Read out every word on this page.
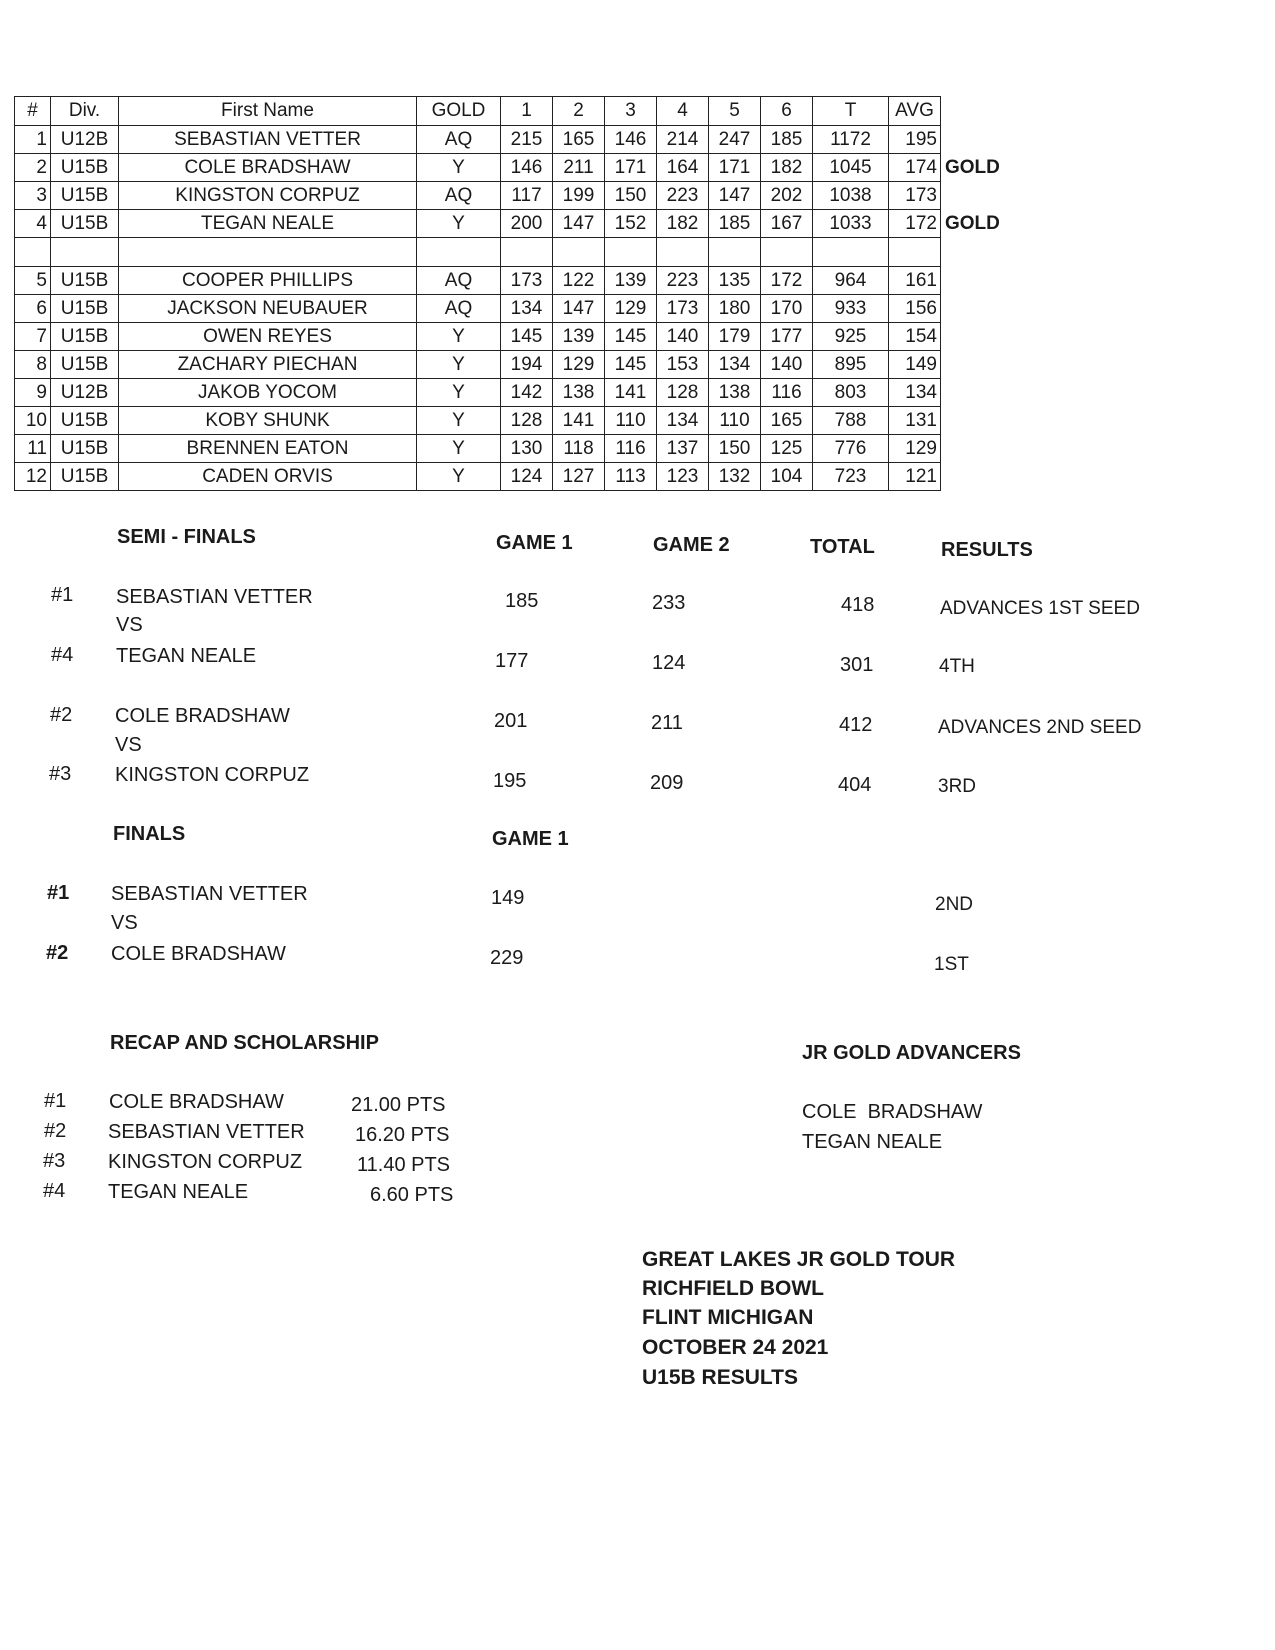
#	Div.	First Name	GOLD	1	2	3	4	5	6	T	AVG	
1	U12B	SEBASTIAN VETTER	AQ	215	165	146	214	247	185	1172	195	
2	U15B	COLE BRADSHAW	Y	146	211	171	164	171	182	1045	174	GOLD
3	U15B	KINGSTON CORPUZ	AQ	117	199	150	223	147	202	1038	173	
4	U15B	TEGAN NEALE	Y	200	147	152	182	185	167	1033	172	GOLD

5	U15B	COOPER PHILLIPS	AQ	173	122	139	223	135	172	964	161	
6	U15B	JACKSON NEUBAUER	AQ	134	147	129	173	180	170	933	156	
7	U15B	OWEN REYES	Y	145	139	145	140	179	177	925	154	
8	U15B	ZACHARY PIECHAN	Y	194	129	145	153	134	140	895	149	
9	U12B	JAKOB YOCOM	Y	142	138	141	128	138	116	803	134	
10	U15B	KOBY SHUNK	Y	128	141	110	134	110	165	788	131	
11	U15B	BRENNEN EATON	Y	130	118	116	137	150	125	776	129	
12	U15B	CADEN ORVIS	Y	124	127	113	123	132	104	723	121	
SEMI - FINALS	GAME 1	GAME 2	TOTAL	RESULTS
#1 SEBASTIAN VETTER	185	233	418	ADVANCES 1ST SEED
VS
#4 TEGAN NEALE	177	124	301	4TH
#2 COLE BRADSHAW	201	211	412	ADVANCES 2ND SEED
VS
#3 KINGSTON CORPUZ	195	209	404	3RD
FINALS	GAME 1
#1 SEBASTIAN VETTER	149	2ND
VS
#2 COLE BRADSHAW	229	1ST
RECAP AND SCHOLARSHIP
#1 COLE BRADSHAW	21.00 PTS
#2 SEBASTIAN VETTER	16.20 PTS
#3 KINGSTON CORPUZ	11.40 PTS
#4 TEGAN NEALE	6.60 PTS
JR GOLD ADVANCERS
COLE  BRADSHAW
TEGAN NEALE
GREAT LAKES JR GOLD TOUR
RICHFIELD BOWL
FLINT MICHIGAN
OCTOBER 24 2021
U15B RESULTS
